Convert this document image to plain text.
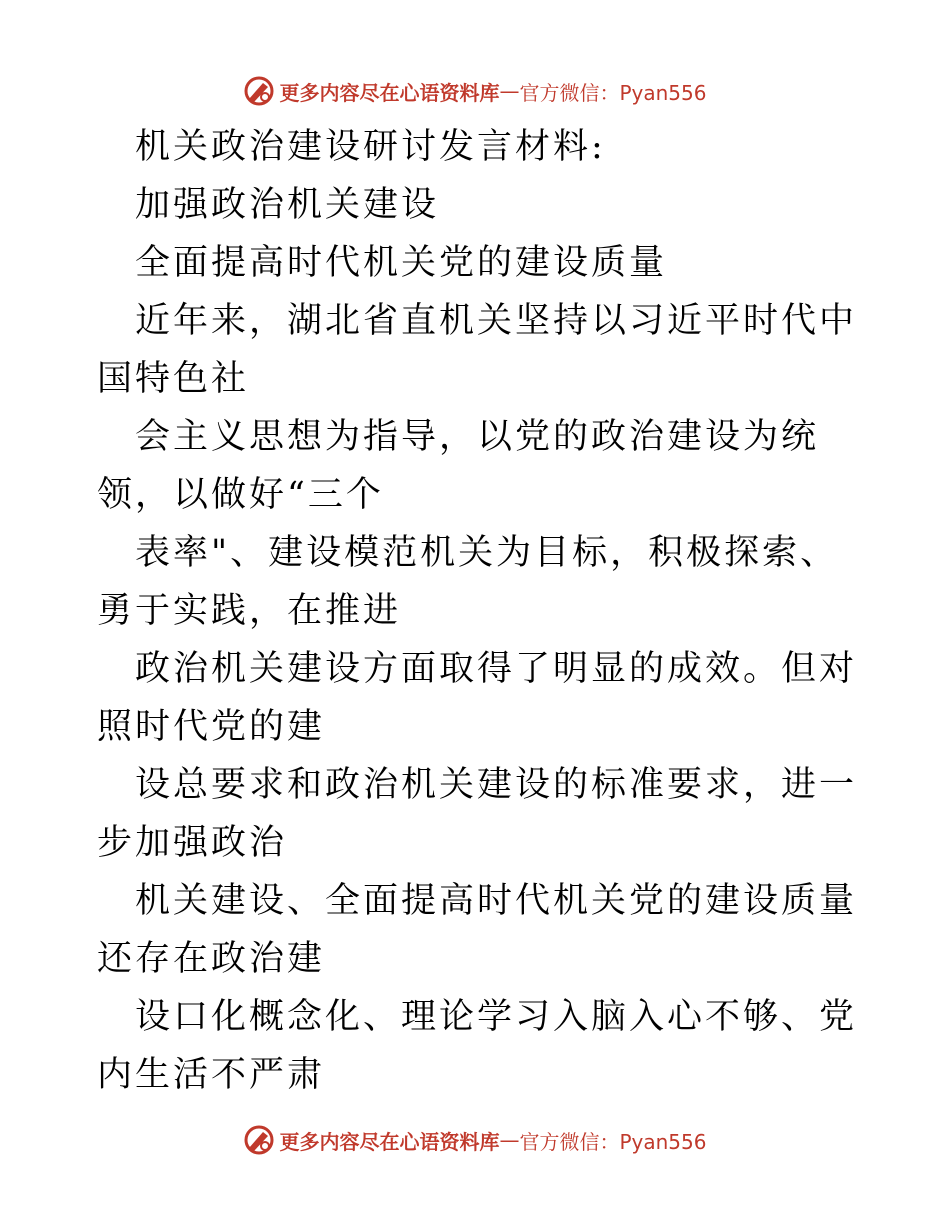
更多内容尽在心语资料库 — 官方微信：Pyan556

机关政治建设研讨发言材料:

加强政治机关建设

全面提高时代机关党的建设质量

近年来，湖北省直机关坚持以习近平时代中国特色社

会主义思想为指导，以党的政治建设为统领，以做好“三个

表率"、建设模范机关为目标，积极探索、勇于实践，在推进

政治机关建设方面取得了明显的成效。但对照时代党的建

设总要求和政治机关建设的标准要求，进一步加强政治

机关建设、全面提高时代机关党的建设质量还存在政治建

设口化概念化、理论学习入脑入心不够、党内生活不严肃

更多内容尽在心语资料库 — 官方微信：Pyan556
